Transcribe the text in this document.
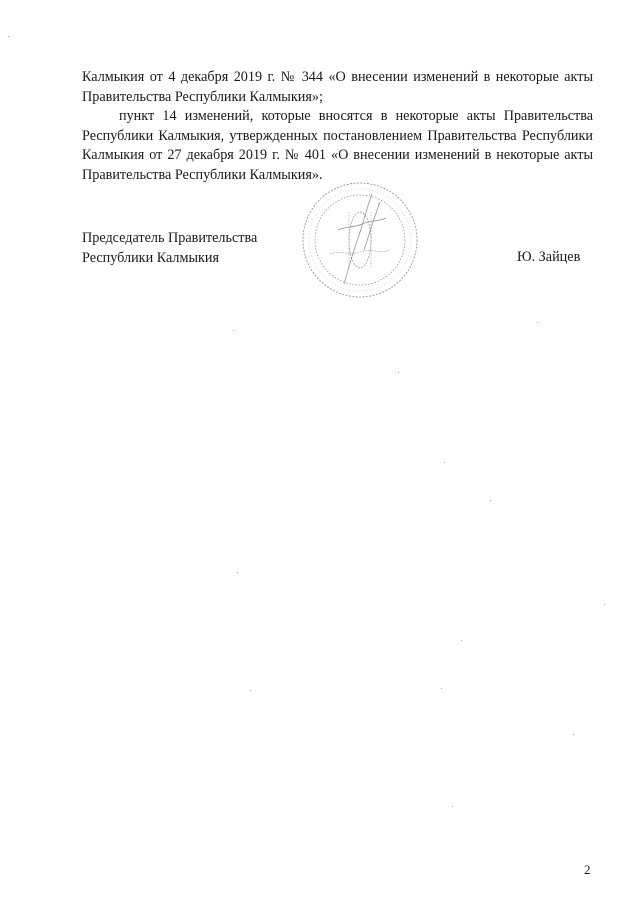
Калмыкия от 4 декабря 2019 г. № 344 «О внесении изменений в некоторые акты Правительства Республики Калмыкия»;

пункт 14 изменений, которые вносятся в некоторые акты Правительства Республики Калмыкия, утвержденных постановлением Правительства Республики Калмыкия от 27 декабря 2019 г. № 401 «О внесении изменений в некоторые акты Правительства Республики Калмыкия».

Председатель Правительства
Республики Калмыкия	Ю. Зайцев
2
